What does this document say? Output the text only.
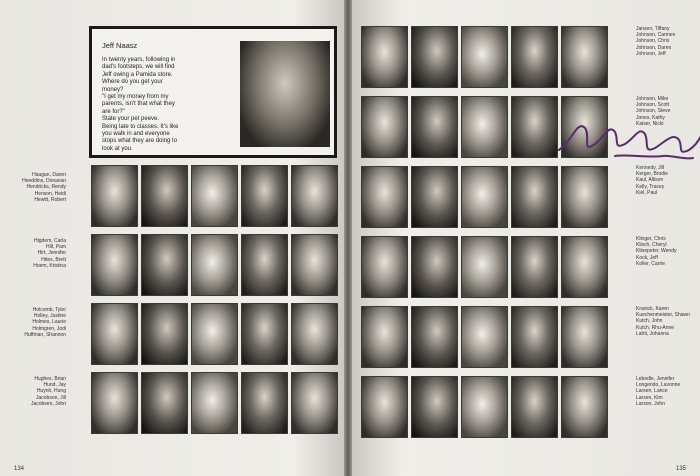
Jeff Naasz
In twenty years, following in
dad's footsteps, we will find
Jeff owing a Pamida store.
Where do you get your
money?
"I get my money from my
parents, isn't that what they
are for?"
State your pet peeve.
Being late to classes. It's like
you walk in and everyone
stops what they are doing to
look at you.
Haugan, Daren
Heeddins, Donavan
Hendricks, Rendy
Henson, Heidi
Hewitt, Robert
Higdem, Carla
Hill, Pam
Hirt, Jennifer
Hites, Brett
Hoem, Kristina
Holcomb, Tyler
Holley, Justine
Holmes, Laurie
Holmgren, Jodi
Huffman, Shannon
Hughes, Brian
Hund, Jay
Huynh, Hung
Jacobson, Jill
Jacobsen, John
Jansen, Tiffany
Johnson, Carmen
Johnson, Chris
Johnson, Daren
Johnson, Jeff
Johnson, Mike
Johnson, Scott
Johnson, Steve
Jones, Kathy
Kaiser, Nicki
Kennedy, Jill
Kerger, Brodie
Kaul, Allison
Kelly, Tracey
Kiel, Paul
Klinger, Chris
Klisch, Cheryl
Klinepeter, Wendy
Kock, Jeff
Koller, Carrie
Kranick, Karen
Kuechenmeister, Shawn
Kutch, John
Kutch, Rhu-Anne
Lahti, Johanna
Lebedle, Jennifer
Longendo, Lavonne
Larsen, Lance
Larsen, Kim
Larson, John
134	135
